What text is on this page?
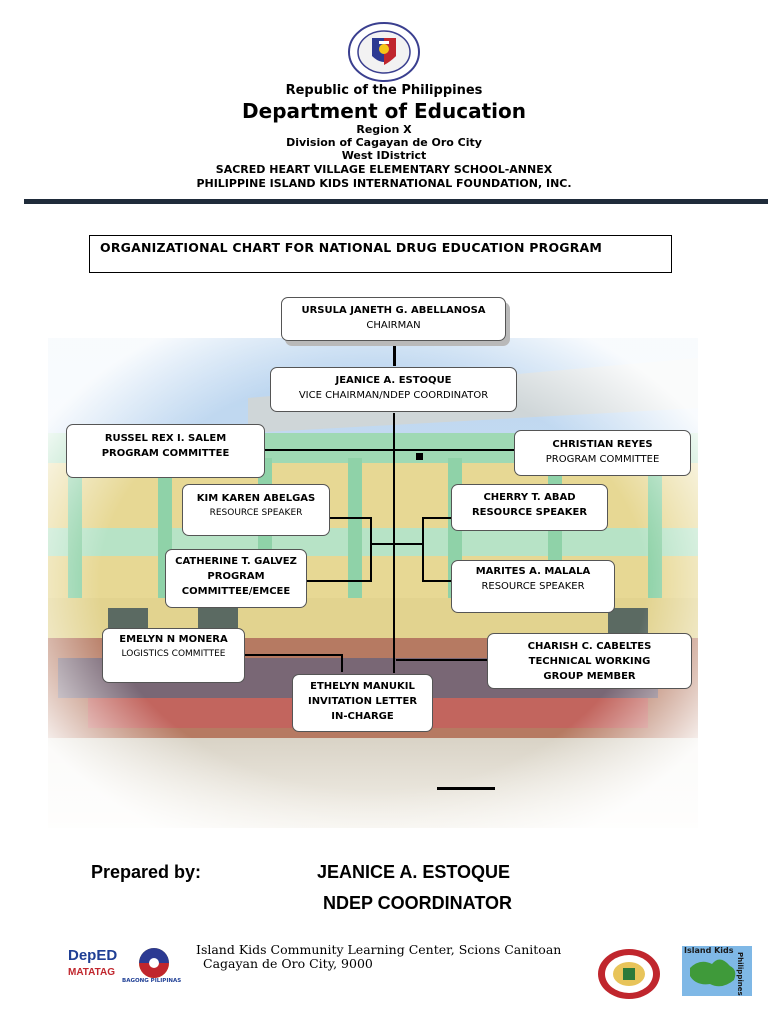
Republic of the Philippines
Department of Education
Region X
Division of Cagayan de Oro City
West IDistrict
SACRED HEART VILLAGE ELEMENTARY SCHOOL-ANNEX
PHILIPPINE ISLAND KIDS INTERNATIONAL FOUNDATION, INC.
ORGANIZATIONAL CHART FOR NATIONAL DRUG EDUCATION PROGRAM
URSULA JANETH G. ABELLANOSA
CHAIRMAN
JEANICE A. ESTOQUE
VICE CHAIRMAN/NDEP COORDINATOR
RUSSEL REX I. SALEM
PROGRAM COMMITTEE
CHRISTIAN REYES
PROGRAM COMMITTEE
KIM KAREN ABELGAS
RESOURCE SPEAKER
CHERRY T. ABAD
RESOURCE SPEAKER
CATHERINE T. GALVEZ
PROGRAM COMMITTEE/EMCEE
MARITES A. MALALA
RESOURCE SPEAKER
EMELYN N MONERA
LOGISTICS COMMITTEE
CHARISH C. CABELTES
TECHNICAL WORKING GROUP MEMBER
ETHELYN MANUKIL
INVITATION LETTER IN-CHARGE
Prepared by:	JEANICE A. ESTOQUE
NDEP COORDINATOR
DepED
MATATAG
BAGONG PILIPINAS
Island Kids Community Learning Center, Scions Canitoan
Cagayan de Oro City, 9000
Island Kids
Philippines
